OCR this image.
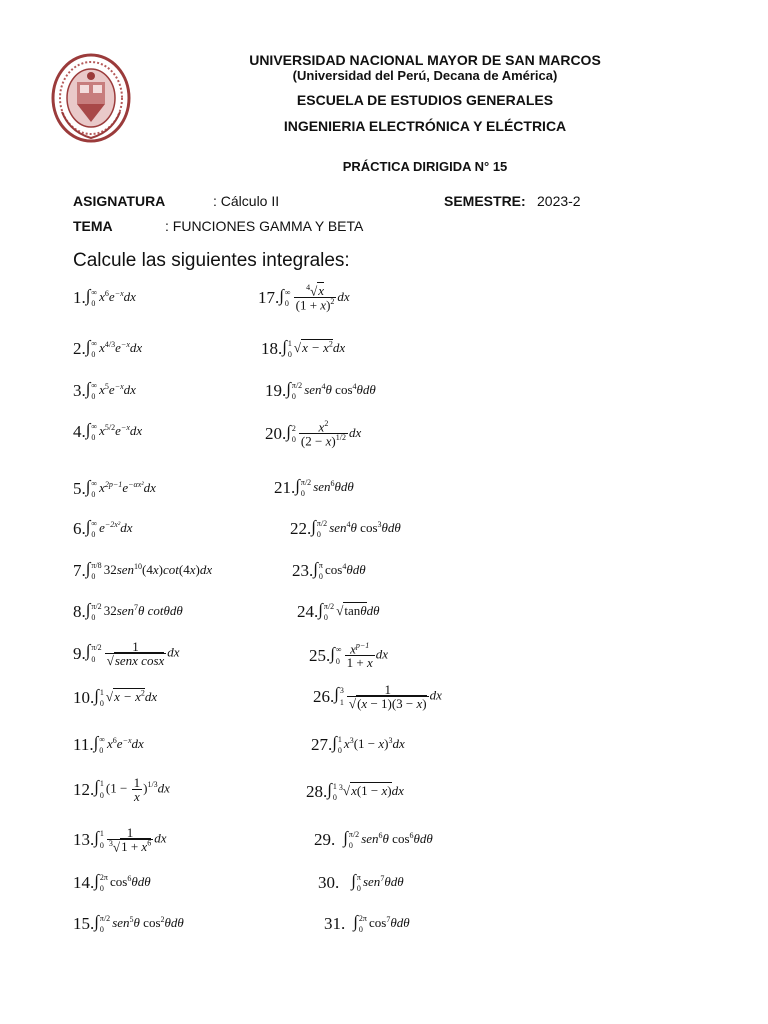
UNIVERSIDAD NACIONAL MAYOR DE SAN MARCOS
(Universidad del Perú, Decana de América)
ESCUELA DE ESTUDIOS GENERALES
INGENIERIA ELECTRÓNICA Y ELÉCTRICA
PRÁCTICA DIRIGIDA N° 15
ASIGNATURA	: Cálculo II	SEMESTRE: 2023-2
TEMA	: FUNCIONES GAMMA Y BETA
Calcule las siguientes integrales:
1. ∫ ∞
0 $x^6e^{-x}dx$
2. ∫ ∞
0 $x^{4/3}e^{-x}dx$
3. ∫ ∞
0 $x^5e^{-x}dx$
4. ∫ ∞
0 $x^{5/2}e^{-x}dx$
5. ∫ ∞
0 $x^{2p-1}e^{-\alpha x^2}dx$
6. ∫ ∞
0 $e^{-2x^2}dx$
7. ∫ π/8
0 32sen$^{10}$(4x)cot(4x)dx
8. ∫ π/2
0 32sen$^7$θ cotθdθ
9. ∫ π/2
$0 \frac{1}{\text{√senx cosx}}$ dx
10. ∫ 1
0 $√x - x^2dx$
11. ∫ ∞
0 $x^6e^{-x}dx$
12. ∫ 1
0 $(1 - \frac{1}{x} )^{1/3}dx$
13. ∫ 1
$0 \frac{1}{^3√1 + x^6}$ dx
14. ∫ 2π
0 $\cos^6\theta d\theta$
15. ∫ π/2
0 sen$^5$θ $\cos^2\theta d\theta$
17. ∫ ∞
$0 \frac{^4√x}{(1 + x)^2}$ dx
18. ∫ 1
0 $√x - x^2dx$
19. ∫ π/2
0 sen$^4$θ $\cos^4\theta d\theta$
20. ∫ 2
$0 \frac{x^2}{(2 - x)^{1/2}}$ dx
21. ∫ π/2
0 sen$^6$θdθ
22. ∫ π/2
0 sen$^4$θ $\cos^3\theta d\theta$
23. ∫ π
0 $\cos^4\theta d\theta$
24. ∫ π/2
0 √tanθdθ
25. ∫ ∞
$0 \frac{x^{p-1}}{1 + x}$ dx
26. ∫ 3
$1 \frac{1}{√(x - 1)(3 - x)}$ dx
27. ∫ 1
0 $x^3(1 - x)^3dx$
28. ∫ 1
0
$^3$√x(1 − x)dx
29. ∫ π/2
0 sen$^6$θ $\cos^6\theta d\theta$
30. ∫ π
0 sen$^7$θdθ
31. ∫ 2π
0 $\cos^7\theta d\theta$
